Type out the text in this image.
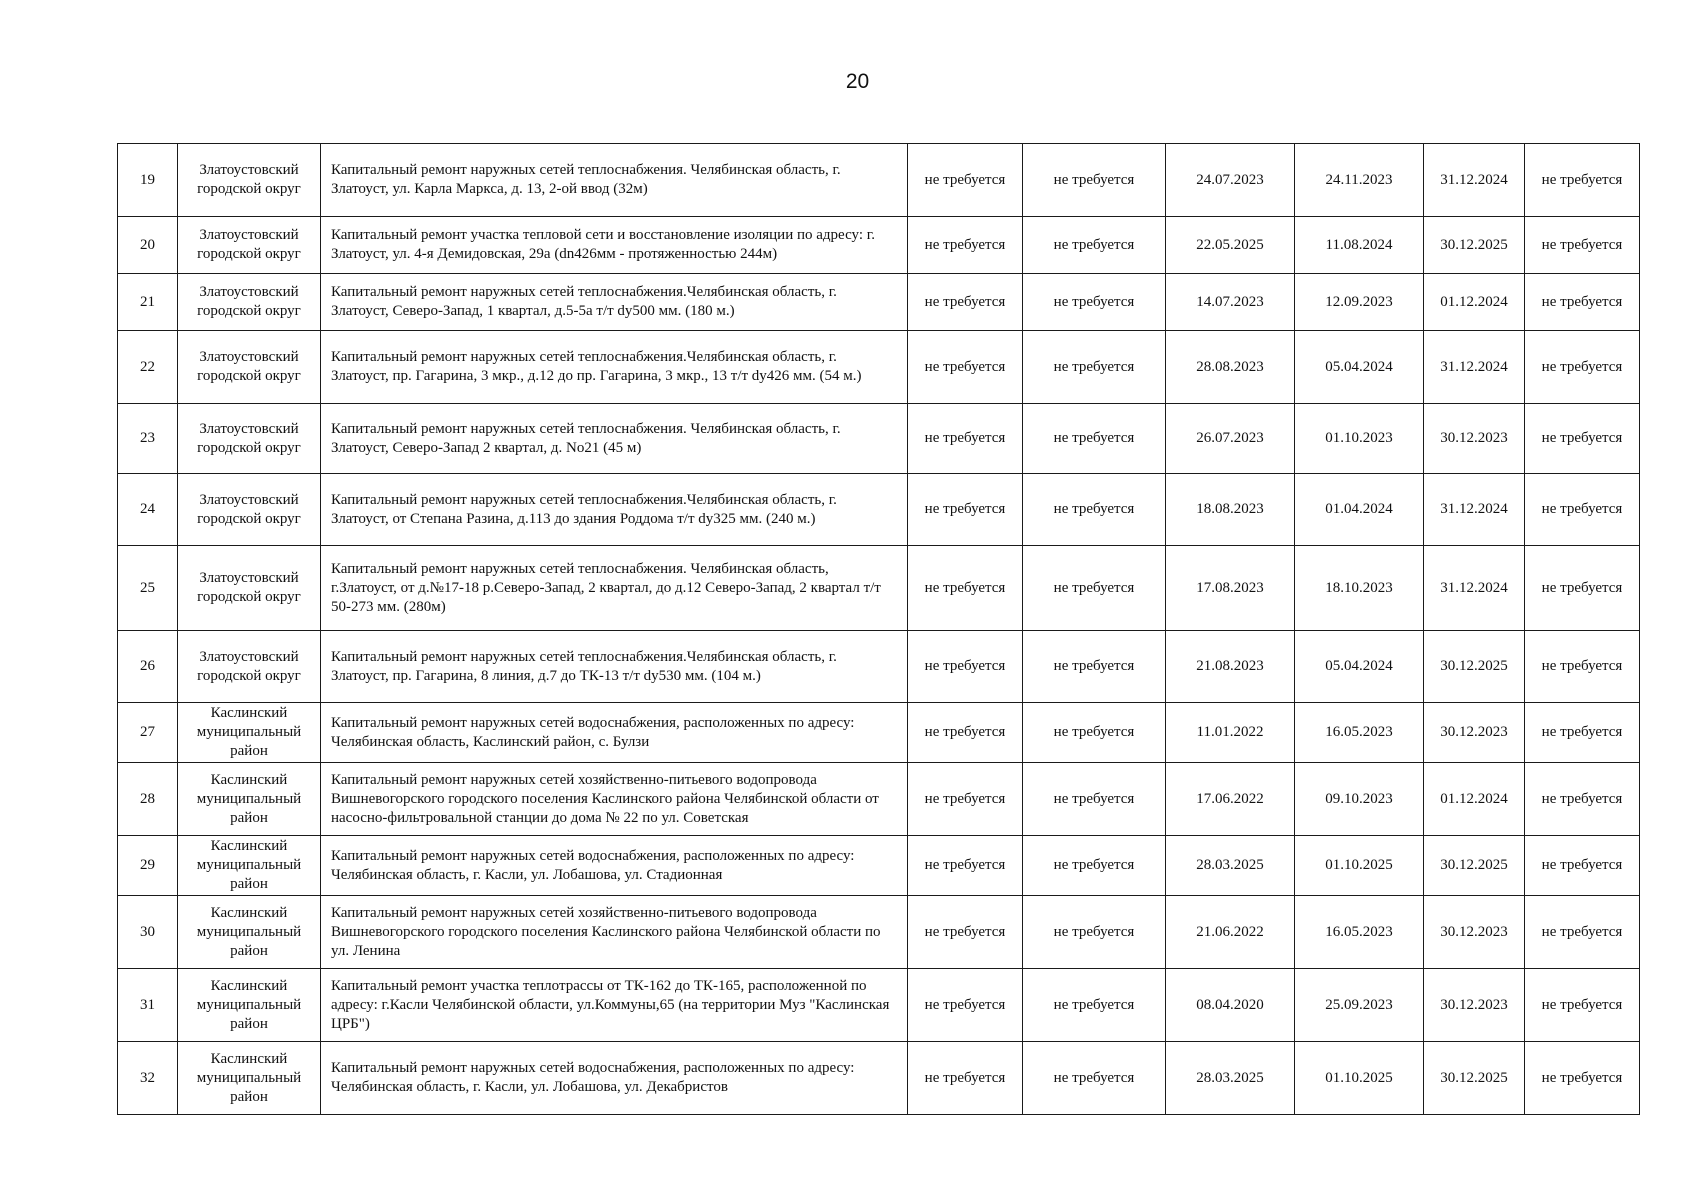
20
19	Златоустовский городской округ	Капитальный ремонт наружных сетей теплоснабжения. Челябинская область, г. Златоуст, ул. Карла Маркса, д. 13, 2-ой ввод (32м)	не требуется	не требуется	24.07.2023	24.11.2023	31.12.2024	не требуется
20	Златоустовский городской округ	Капитальный ремонт участка тепловой сети и восстановление изоляции по адресу: г. Златоуст, ул. 4-я Демидовская, 29а (dn426мм - протяженностью 244м)	не требуется	не требуется	22.05.2025	11.08.2024	30.12.2025	не требуется
21	Златоустовский городской округ	Капитальный ремонт наружных сетей теплоснабжения.Челябинская область, г. Златоуст, Северо-Запад, 1 квартал, д.5-5а т/т dy500 мм. (180 м.)	не требуется	не требуется	14.07.2023	12.09.2023	01.12.2024	не требуется
22	Златоустовский городской округ	Капитальный ремонт наружных сетей теплоснабжения.Челябинская область, г. Златоуст, пр. Гагарина, 3 мкр., д.12 до пр. Гагарина, 3 мкр., 13 т/т dy426 мм. (54 м.)	не требуется	не требуется	28.08.2023	05.04.2024	31.12.2024	не требуется
23	Златоустовский городской округ	Капитальный ремонт наружных сетей теплоснабжения. Челябинская область, г. Златоуст, Северо-Запад 2 квартал, д. No21 (45 м)	не требуется	не требуется	26.07.2023	01.10.2023	30.12.2023	не требуется
24	Златоустовский городской округ	Капитальный ремонт наружных сетей теплоснабжения.Челябинская область, г. Златоуст, от Степана Разина, д.113 до здания Роддома т/т dy325 мм. (240 м.)	не требуется	не требуется	18.08.2023	01.04.2024	31.12.2024	не требуется
25	Златоустовский городской округ	Капитальный ремонт наружных сетей теплоснабжения. Челябинская область, г.Златоуст, от д.№17-18 р.Северо-Запад, 2 квартал, до д.12 Северо-Запад, 2 квартал т/т 50-273 мм. (280м)	не требуется	не требуется	17.08.2023	18.10.2023	31.12.2024	не требуется
26	Златоустовский городской округ	Капитальный ремонт наружных сетей теплоснабжения.Челябинская область, г. Златоуст, пр. Гагарина, 8 линия, д.7 до ТК-13 т/т dy530 мм. (104 м.)	не требуется	не требуется	21.08.2023	05.04.2024	30.12.2025	не требуется
27	Каслинский муниципальный район	Капитальный ремонт наружных сетей водоснабжения, расположенных по адресу: Челябинская область, Каслинский район, с. Булзи	не требуется	не требуется	11.01.2022	16.05.2023	30.12.2023	не требуется
28	Каслинский муниципальный район	Капитальный ремонт наружных сетей хозяйственно-питьевого водопровода Вишневогорского городского поселения Каслинского района Челябинской области от насосно-фильтровальной станции до дома № 22 по ул. Советская	не требуется	не требуется	17.06.2022	09.10.2023	01.12.2024	не требуется
29	Каслинский муниципальный район	Капитальный ремонт наружных сетей водоснабжения, расположенных по адресу: Челябинская область, г. Касли, ул. Лобашова, ул. Стадионная	не требуется	не требуется	28.03.2025	01.10.2025	30.12.2025	не требуется
30	Каслинский муниципальный район	Капитальный ремонт наружных сетей хозяйственно-питьевого водопровода Вишневогорского городского поселения Каслинского района Челябинской области по ул. Ленина	не требуется	не требуется	21.06.2022	16.05.2023	30.12.2023	не требуется
31	Каслинский муниципальный район	Капитальный ремонт участка теплотрассы от ТК-162 до ТК-165, расположенной по адресу: г.Касли Челябинской области, ул.Коммуны,65 (на территории Муз "Каслинская ЦРБ")	не требуется	не требуется	08.04.2020	25.09.2023	30.12.2023	не требуется
32	Каслинский муниципальный район	Капитальный ремонт наружных сетей водоснабжения, расположенных по адресу: Челябинская область, г. Касли, ул. Лобашова, ул. Декабристов	не требуется	не требуется	28.03.2025	01.10.2025	30.12.2025	не требуется
